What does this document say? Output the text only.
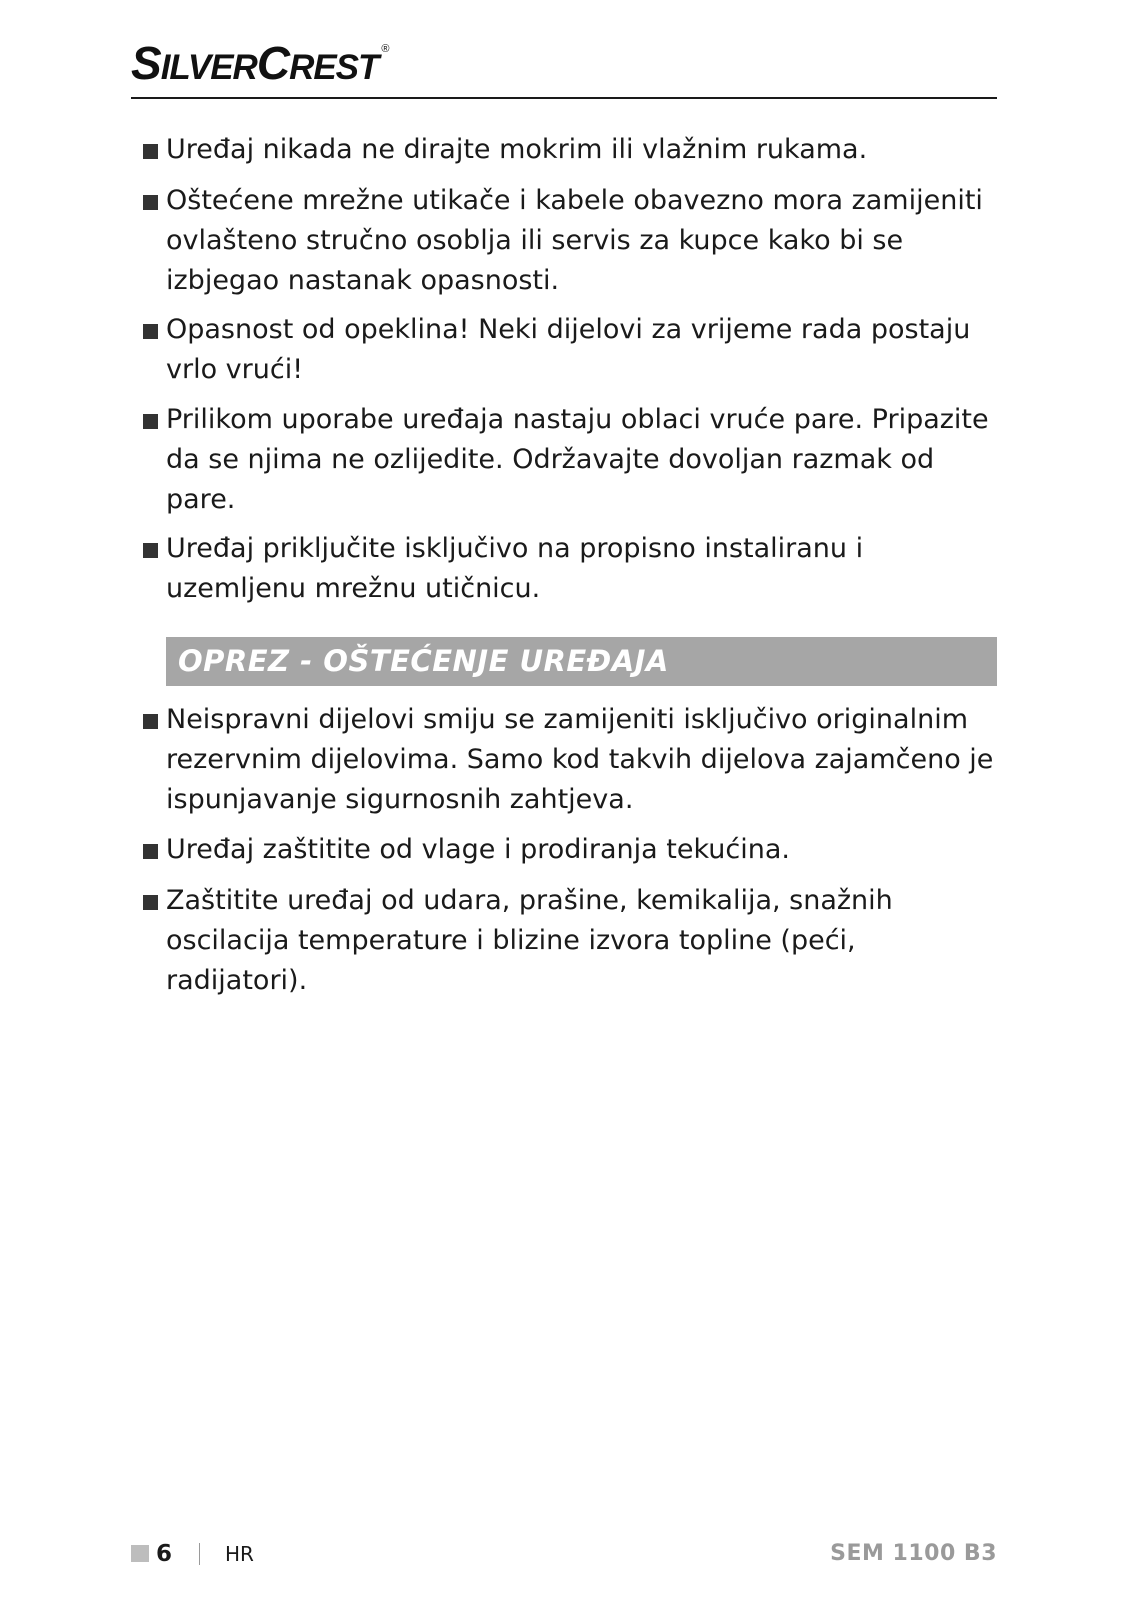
SILVERCREST ®
Uređaj nikada ne dirajte mokrim ili vlažnim rukama.
Oštećene mrežne utikače i kabele obavezno mora zamijeniti ovlašteno stručno osoblja ili servis za kupce kako bi se izbjegao nastanak opasnosti.
Opasnost od opeklina! Neki dijelovi za vrijeme rada postaju vrlo vrući!
Prilikom uporabe uređaja nastaju oblaci vruće pare. Pripazite da se njima ne ozlijedite. Održavajte dovoljan razmak od pare.
Uređaj priključite isključivo na propisno instaliranu i uzemljenu mrežnu utičnicu.
OPREZ - OŠTEĆENJE UREĐAJA
Neispravni dijelovi smiju se zamijeniti isključivo originalnim rezervnim dijelovima. Samo kod takvih dijelova zajamčeno je ispunjavanje sigurnosnih zahtjeva.
Uređaj zaštitite od vlage i prodiranja tekućina.
Zaštitite uređaj od udara, prašine, kemikalija, snažnih oscilacija temperature i blizine izvora topline (peći, radijatori).
6	HR	SEM 1100 B3
